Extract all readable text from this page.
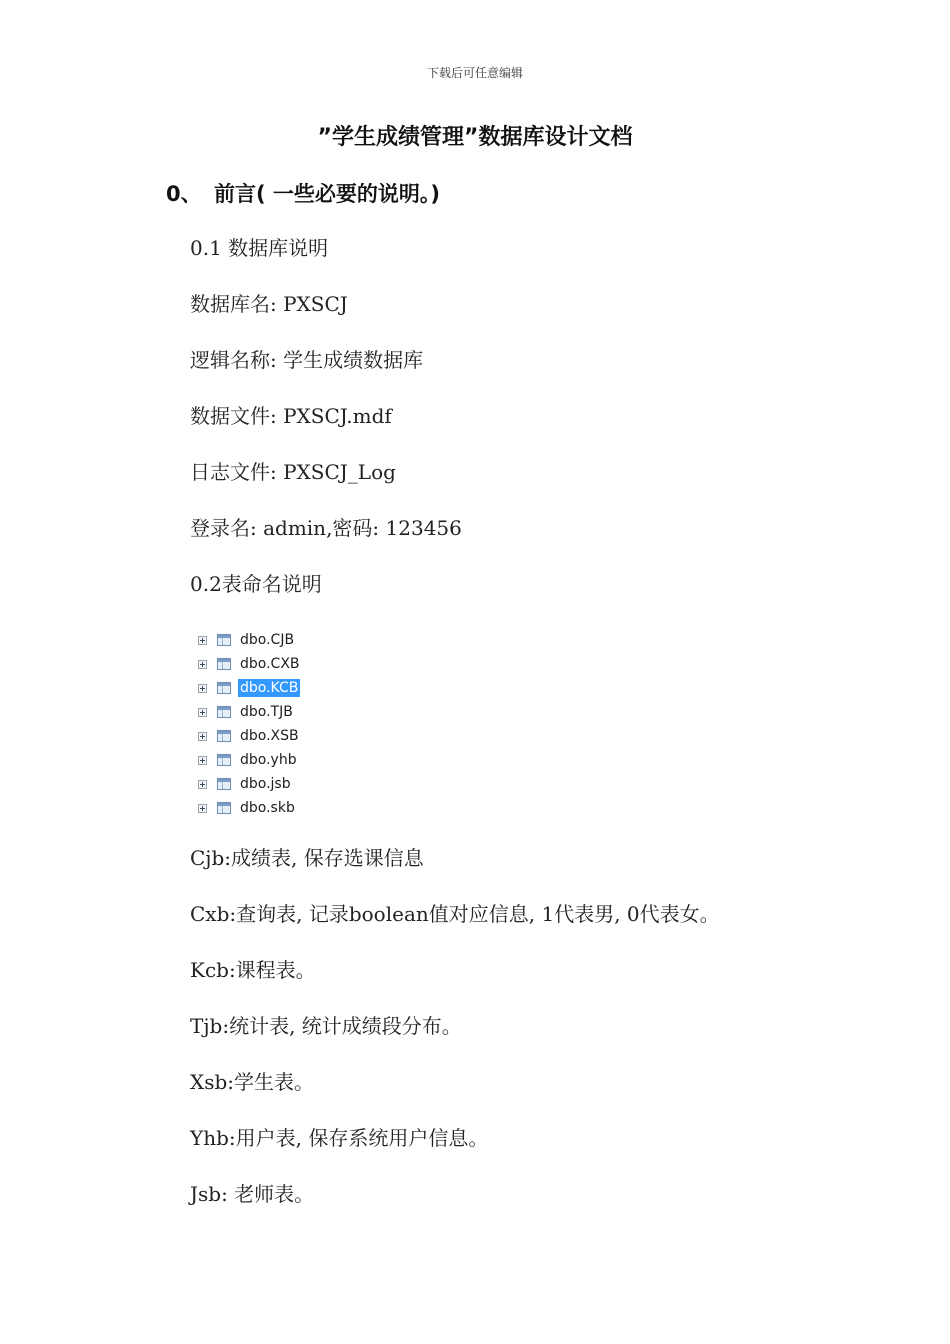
下载后可任意编辑
”学生成绩管理”数据库设计文档
0、 前言( 一些必要的说明。)
0.1 数据库说明
数据库名: PXSCJ
逻辑名称: 学生成绩数据库
数据文件: PXSCJ.mdf
日志文件: PXSCJ_Log
登录名: admin,密码: 123456
0.2表命名说明
dbo.CJB
dbo.CXB
dbo.KCB
dbo.TJB
dbo.XSB
dbo.yhb
dbo.jsb
dbo.skb
Cjb:成绩表, 保存选课信息
Cxb:查询表, 记录boolean值对应信息, 1代表男, 0代表女。
Kcb:课程表。
Tjb:统计表, 统计成绩段分布。
Xsb:学生表。
Yhb:用户表, 保存系统用户信息。
Jsb: 老师表。
